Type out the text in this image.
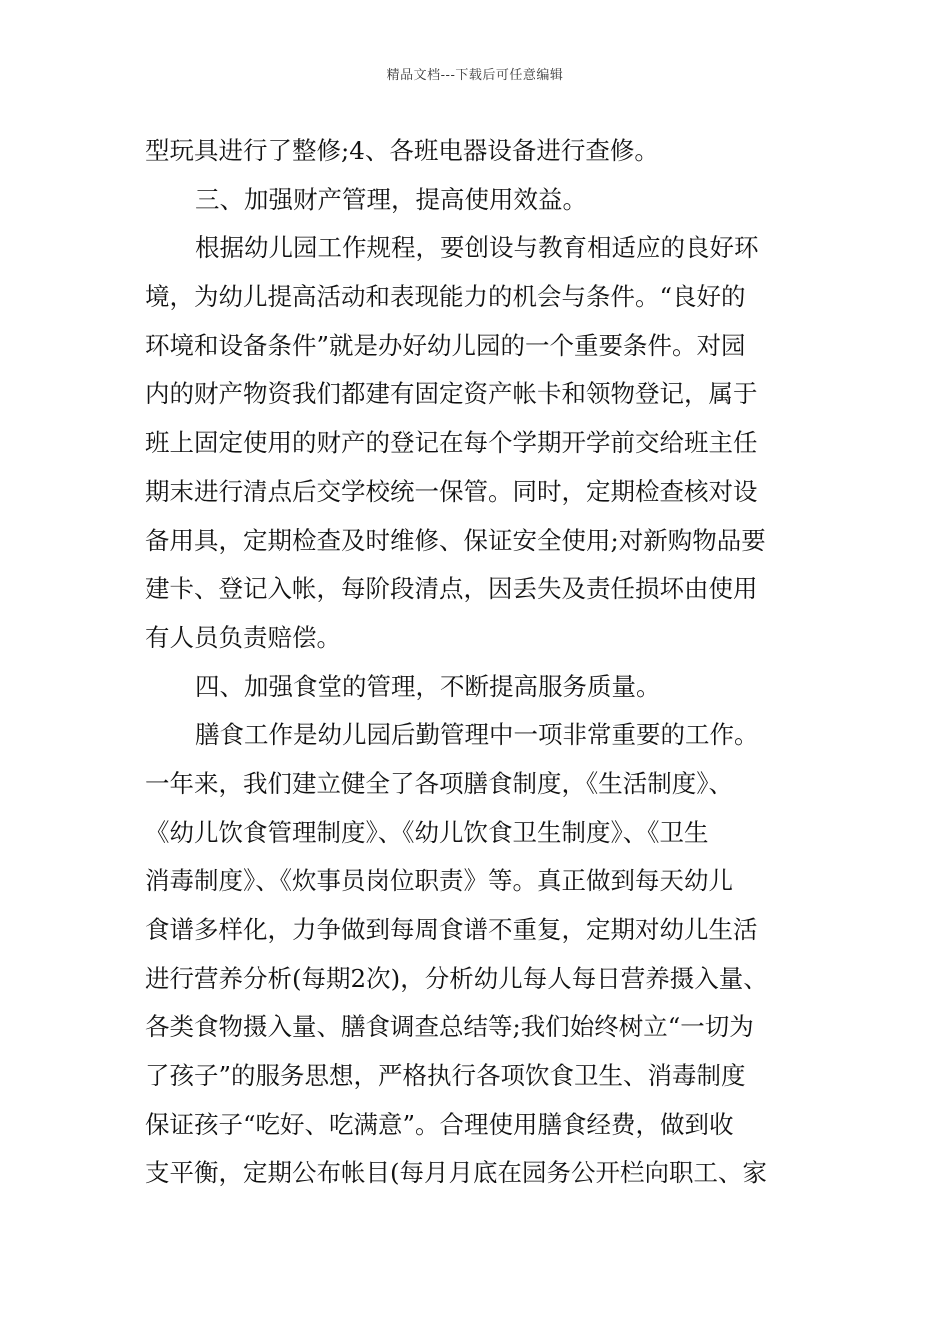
精品文档---下载后可任意编辑
型玩具进行了整修;4、各班电器设备进行查修。
三、加强财产管理，提高使用效益。
根据幼儿园工作规程，要创设与教育相适应的良好环
境，为幼儿提高活动和表现能力的机会与条件。“良好的
环境和设备条件”就是办好幼儿园的一个重要条件。对园
内的财产物资我们都建有固定资产帐卡和领物登记，属于
班上固定使用的财产的登记在每个学期开学前交给班主任
期末进行清点后交学校统一保管。同时，定期检查核对设
备用具，定期检查及时维修、保证安全使用;对新购物品要
建卡、登记入帐，每阶段清点，因丢失及责任损坏由使用
有人员负责赔偿。
四、加强食堂的管理，不断提高服务质量。
膳食工作是幼儿园后勤管理中一项非常重要的工作。
一年来，我们建立健全了各项膳食制度，《生活制度》、
《幼儿饮食管理制度》、《幼儿饮食卫生制度》、《卫生
消毒制度》、《炊事员岗位职责》等。真正做到每天幼儿
食谱多样化，力争做到每周食谱不重复，定期对幼儿生活
进行营养分析(每期2次)，分析幼儿每人每日营养摄入量、
各类食物摄入量、膳食调查总结等;我们始终树立“一切为
了孩子”的服务思想，严格执行各项饮食卫生、消毒制度
保证孩子“吃好、吃满意”。合理使用膳食经费，做到收
支平衡，定期公布帐目(每月月底在园务公开栏向职工、家
